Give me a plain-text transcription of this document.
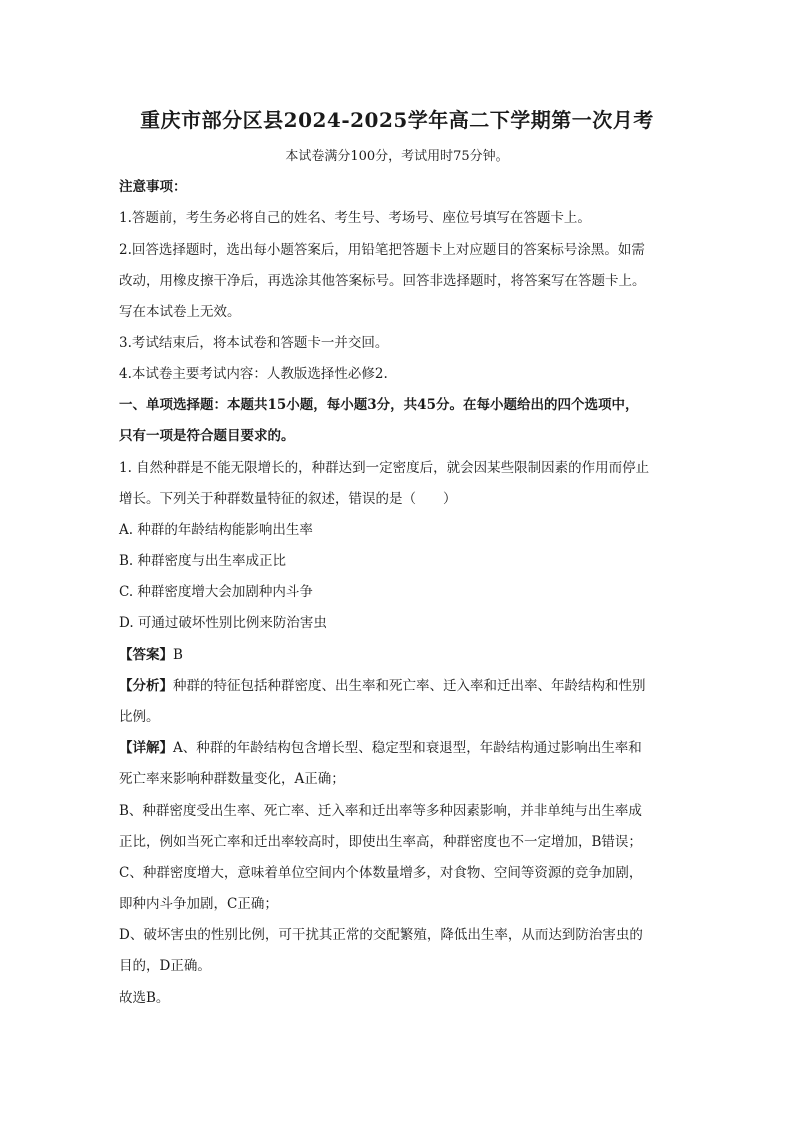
重庆市部分区县2024-2025学年高二下学期第一次月考
本试卷满分100分，考试用时75分钟。
注意事项：
1.答题前，考生务必将自己的姓名、考生号、考场号、座位号填写在答题卡上。
2.回答选择题时，选出每小题答案后，用铅笔把答题卡上对应题目的答案标号涂黑。如需
改动，用橡皮擦干净后，再选涂其他答案标号。回答非选择题时，将答案写在答题卡上。
写在本试卷上无效。
3.考试结束后，将本试卷和答题卡一并交回。
4.本试卷主要考试内容：人教版选择性必修2.
一、单项选择题：本题共15小题，每小题3分，共45分。在每小题给出的四个选项中，
只有一项是符合题目要求的。
1. 自然种群是不能无限增长的，种群达到一定密度后，就会因某些限制因素的作用而停止
增长。下列关于种群数量特征的叙述，错误的是（　　）
A. 种群的年龄结构能影响出生率
B. 种群密度与出生率成正比
C. 种群密度增大会加剧种内斗争
D. 可通过破坏性别比例来防治害虫
【答案】B
【分析】种群的特征包括种群密度、出生率和死亡率、迁入率和迁出率、年龄结构和性别
比例。
【详解】A、种群的年龄结构包含增长型、稳定型和衰退型，年龄结构通过影响出生率和
死亡率来影响种群数量变化，A正确；
B、种群密度受出生率、死亡率、迁入率和迁出率等多种因素影响，并非单纯与出生率成
正比，例如当死亡率和迁出率较高时，即使出生率高，种群密度也不一定增加，B错误；
C、种群密度增大，意味着单位空间内个体数量增多，对食物、空间等资源的竞争加剧，
即种内斗争加剧，C正确；
D、破坏害虫的性别比例，可干扰其正常的交配繁殖，降低出生率，从而达到防治害虫的
目的，D正确。
故选B。
